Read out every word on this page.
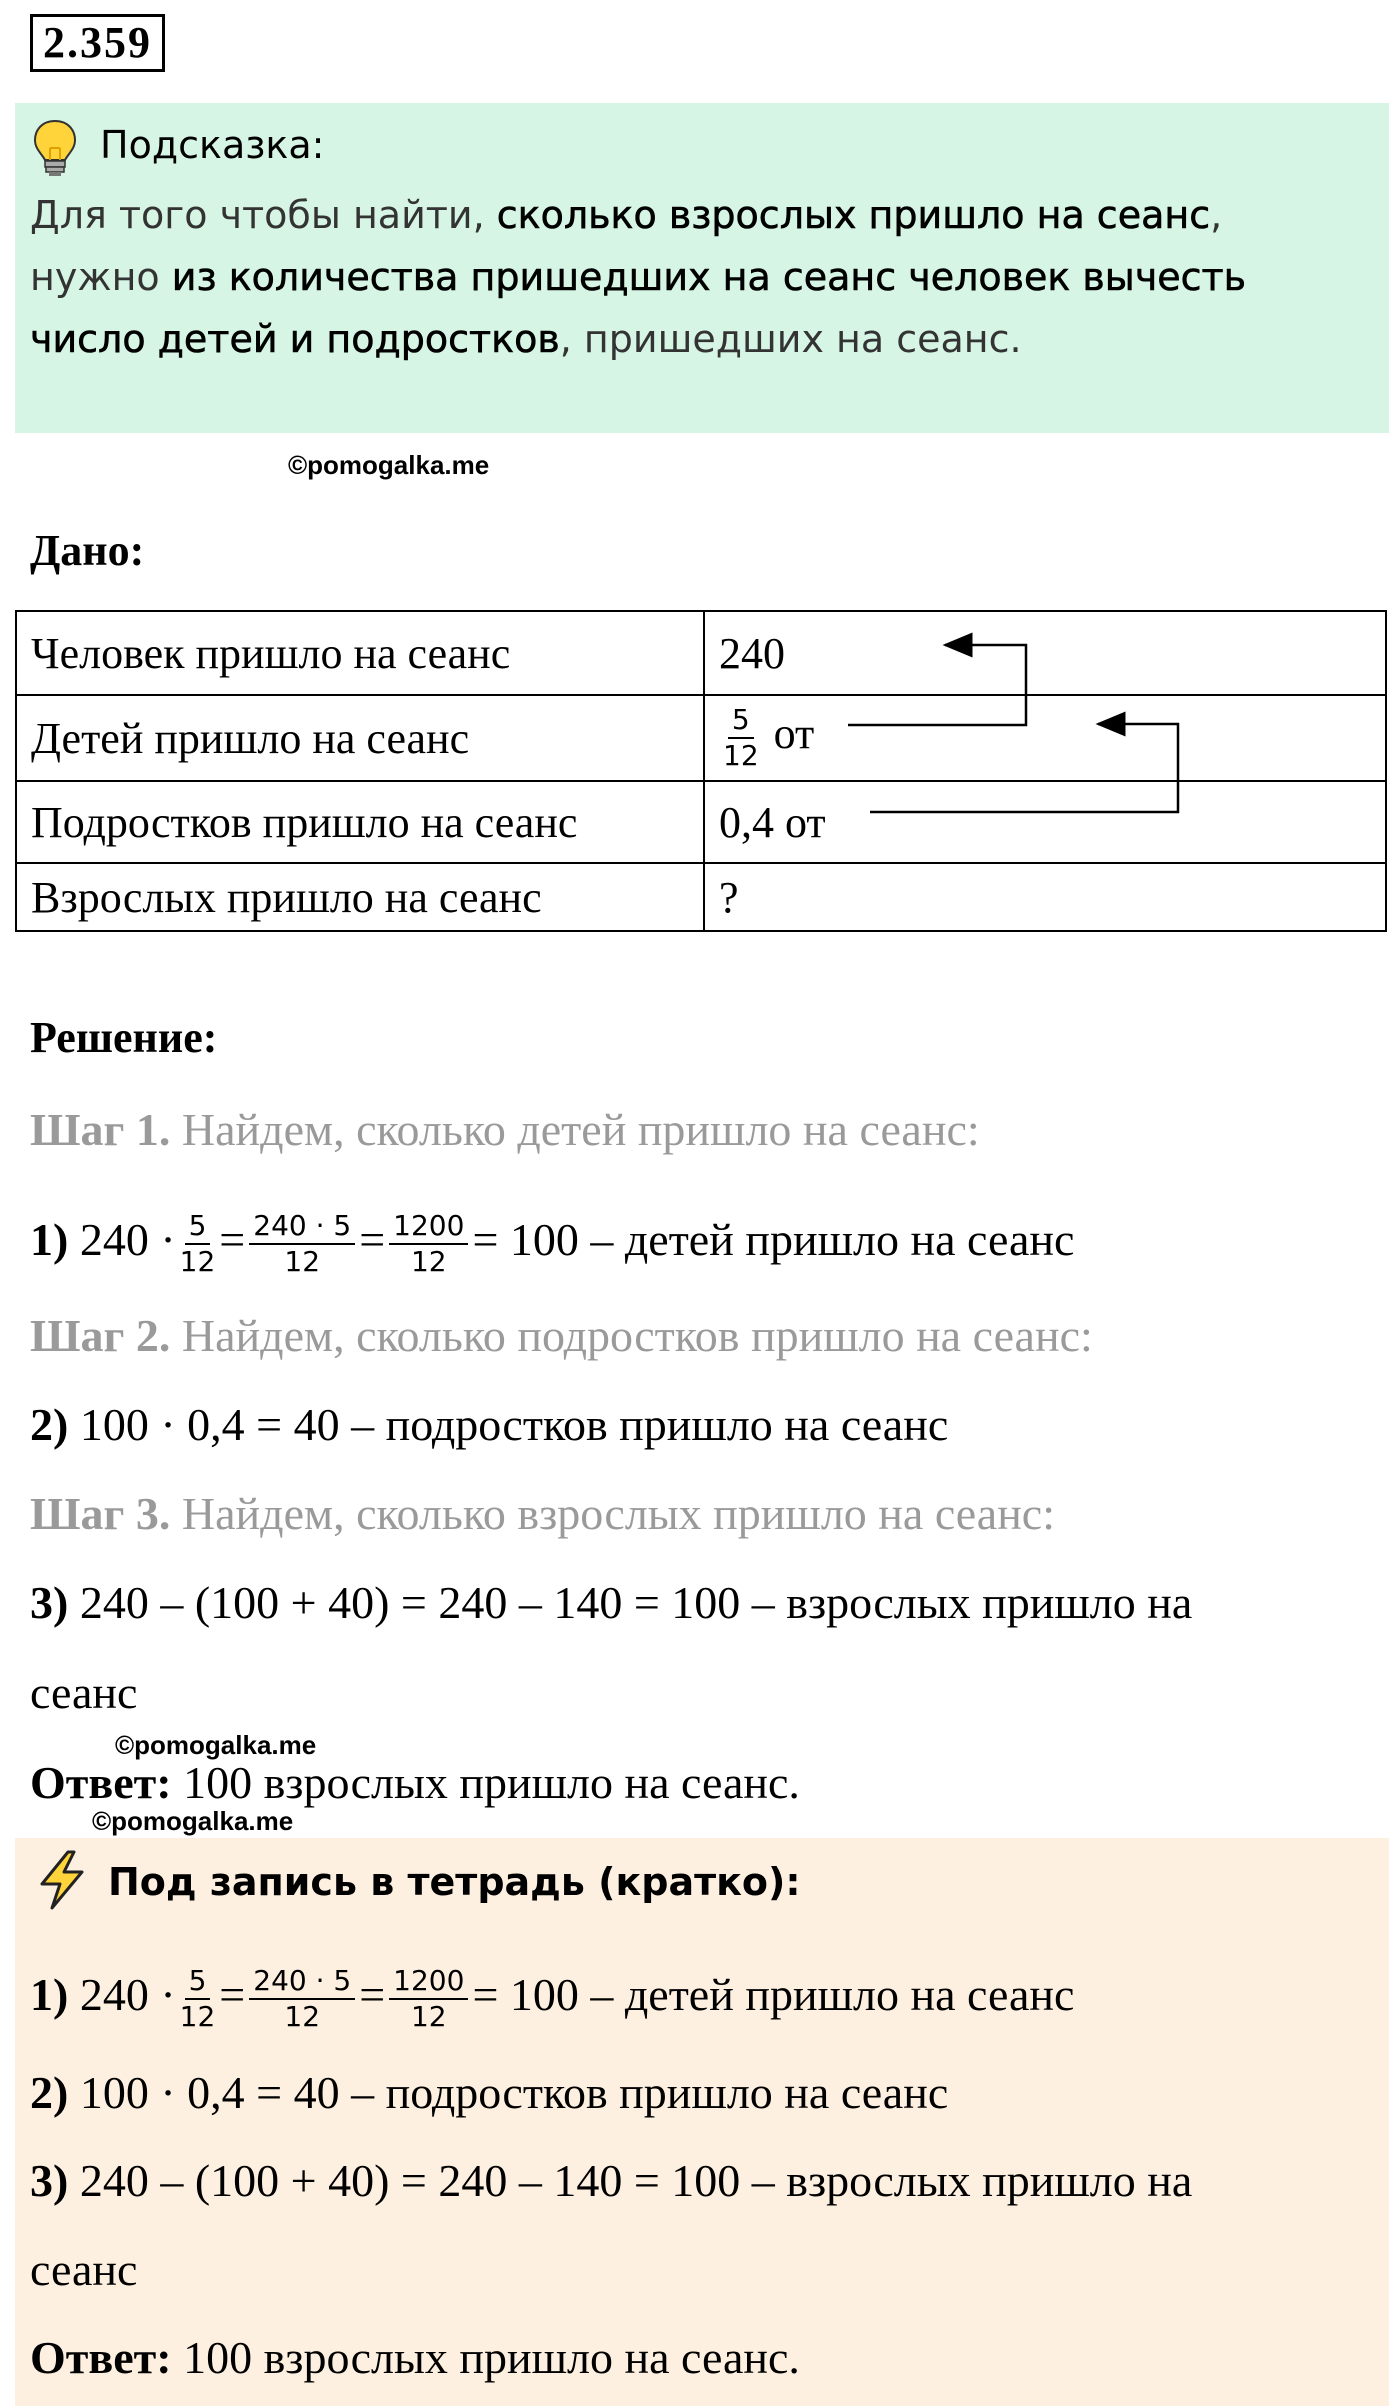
2.359
Подсказка:
Для того чтобы найти, сколько взрослых пришло на сеанс,
нужно из количества пришедших на сеанс человек вычесть
число детей и подростков, пришедших на сеанс.
©pomogalka.me
Дано:
Человек пришло на сеанс	240
Детей пришло на сеанс	$\frac{5}{12}$ от
Подростков пришло на сеанс	0,4 от
Взрослых пришло на сеанс	?
Решение:
Шаг 1. Найдем, сколько детей пришло на сеанс:
1) $240 \cdot \frac{5}{12} = \frac{240 \cdot 5}{12} = \frac{1200}{12} = 100$ – детей пришло на сеанс
Шаг 2. Найдем, сколько подростков пришло на сеанс:
2) 100 · 0,4 = 40 – подростков пришло на сеанс
Шаг 3. Найдем, сколько взрослых пришло на сеанс:
3) 240 – (100 + 40) = 240 – 140 = 100 – взрослых пришло на
сеанс
©pomogalka.me
Ответ: 100 взрослых пришло на сеанс.
©pomogalka.me
Под запись в тетрадь (кратко):
1) $240 \cdot \frac{5}{12} = \frac{240 \cdot 5}{12} = \frac{1200}{12} = 100$ – детей пришло на сеанс
2) 100 · 0,4 = 40 – подростков пришло на сеанс
3) 240 – (100 + 40) = 240 – 140 = 100 – взрослых пришло на
сеанс
Ответ: 100 взрослых пришло на сеанс.
